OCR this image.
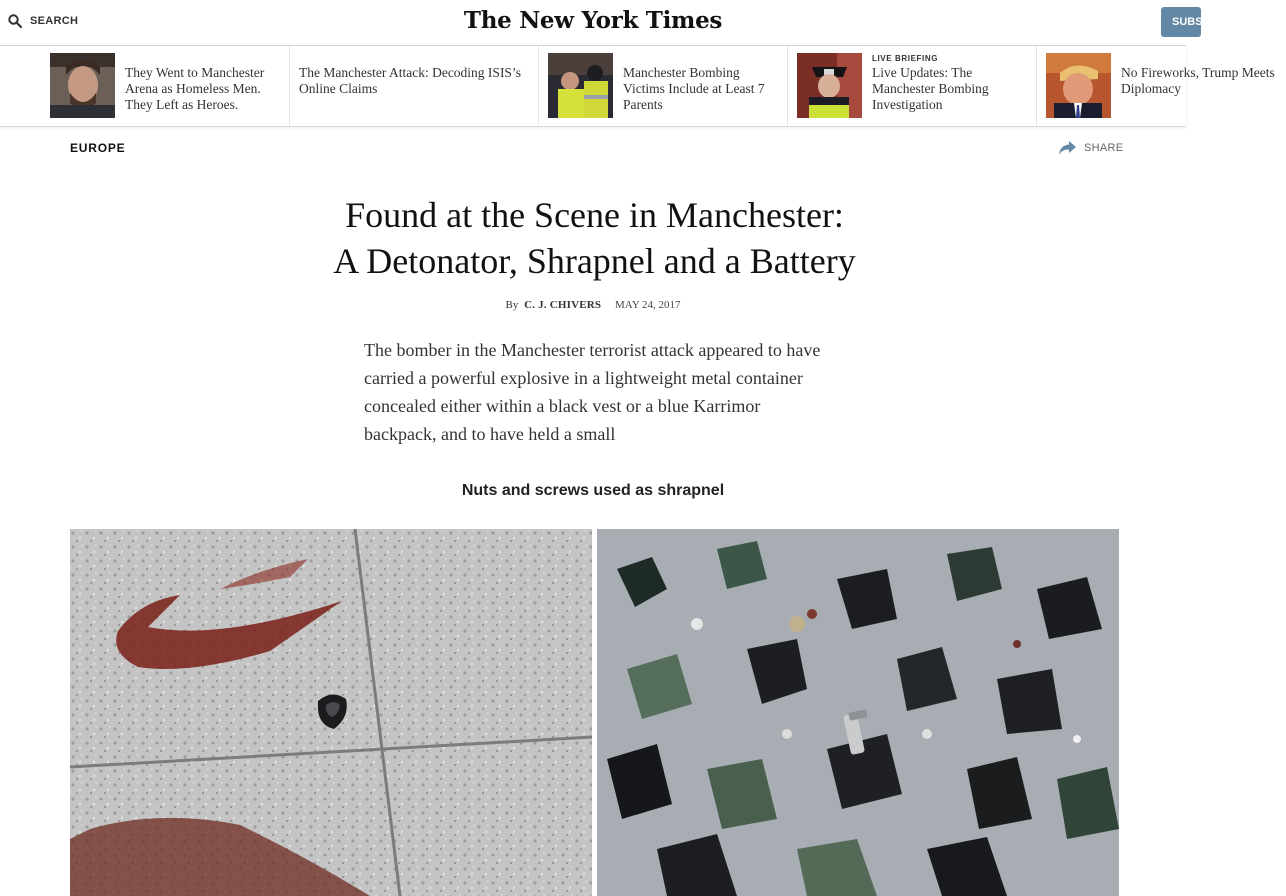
SEARCH	The New York Times	SUBSCRIBE
They Went to Manchester Arena as Homeless Men. They Left as Heroes.
The Manchester Attack: Decoding ISIS’s Online Claims
Manchester Bombing Victims Include at Least 7 Parents
LIVE BRIEFING
Live Updates: The Manchester Bombing Investigation
No Fireworks, Trump Meets Diplomacy
EUROPE	SHARE
Found at the Scene in Manchester:
A Detonator, Shrapnel and a Battery
By C. J. CHIVERS MAY 24, 2017

The bomber in the Manchester terrorist attack appeared to have carried a powerful explosive in a lightweight metal container concealed either within a black vest or a blue Karrimor backpack, and to have held a small

Nuts and screws used as shrapnel
